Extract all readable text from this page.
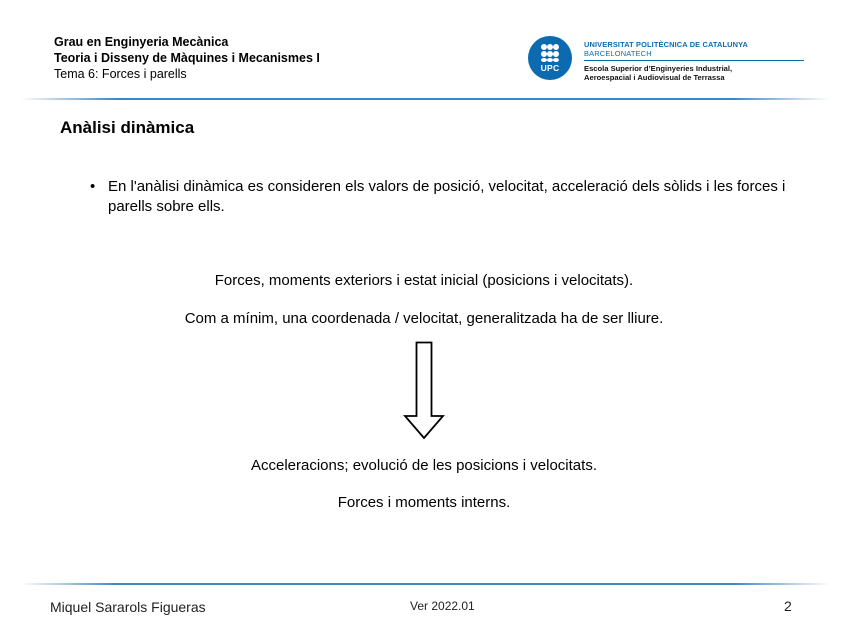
Grau en Enginyeria Mecànica
Teoria i Disseny de Màquines i Mecanismes I
Tema 6: Forces i parells	UPC
UNIVERSITAT POLITÈCNICA DE CATALUNYA
BARCELONATECH
Escola Superior d’Enginyeries Industrial,
Aeroespacial i Audiovisual de Terrassa
Anàlisi dinàmica
• En l'anàlisi dinàmica es consideren els valors de posició, velocitat, acceleració dels sòlids i les forces i parells sobre ells.
Forces, moments exteriors i estat inicial (posicions i velocitats).
Com a mínim, una coordenada / velocitat, generalitzada ha de ser lliure.
Acceleracions; evolució de les posicions i velocitats.
Forces i moments interns.
Miquel Sararols Figueras	Ver 2022.01	2
